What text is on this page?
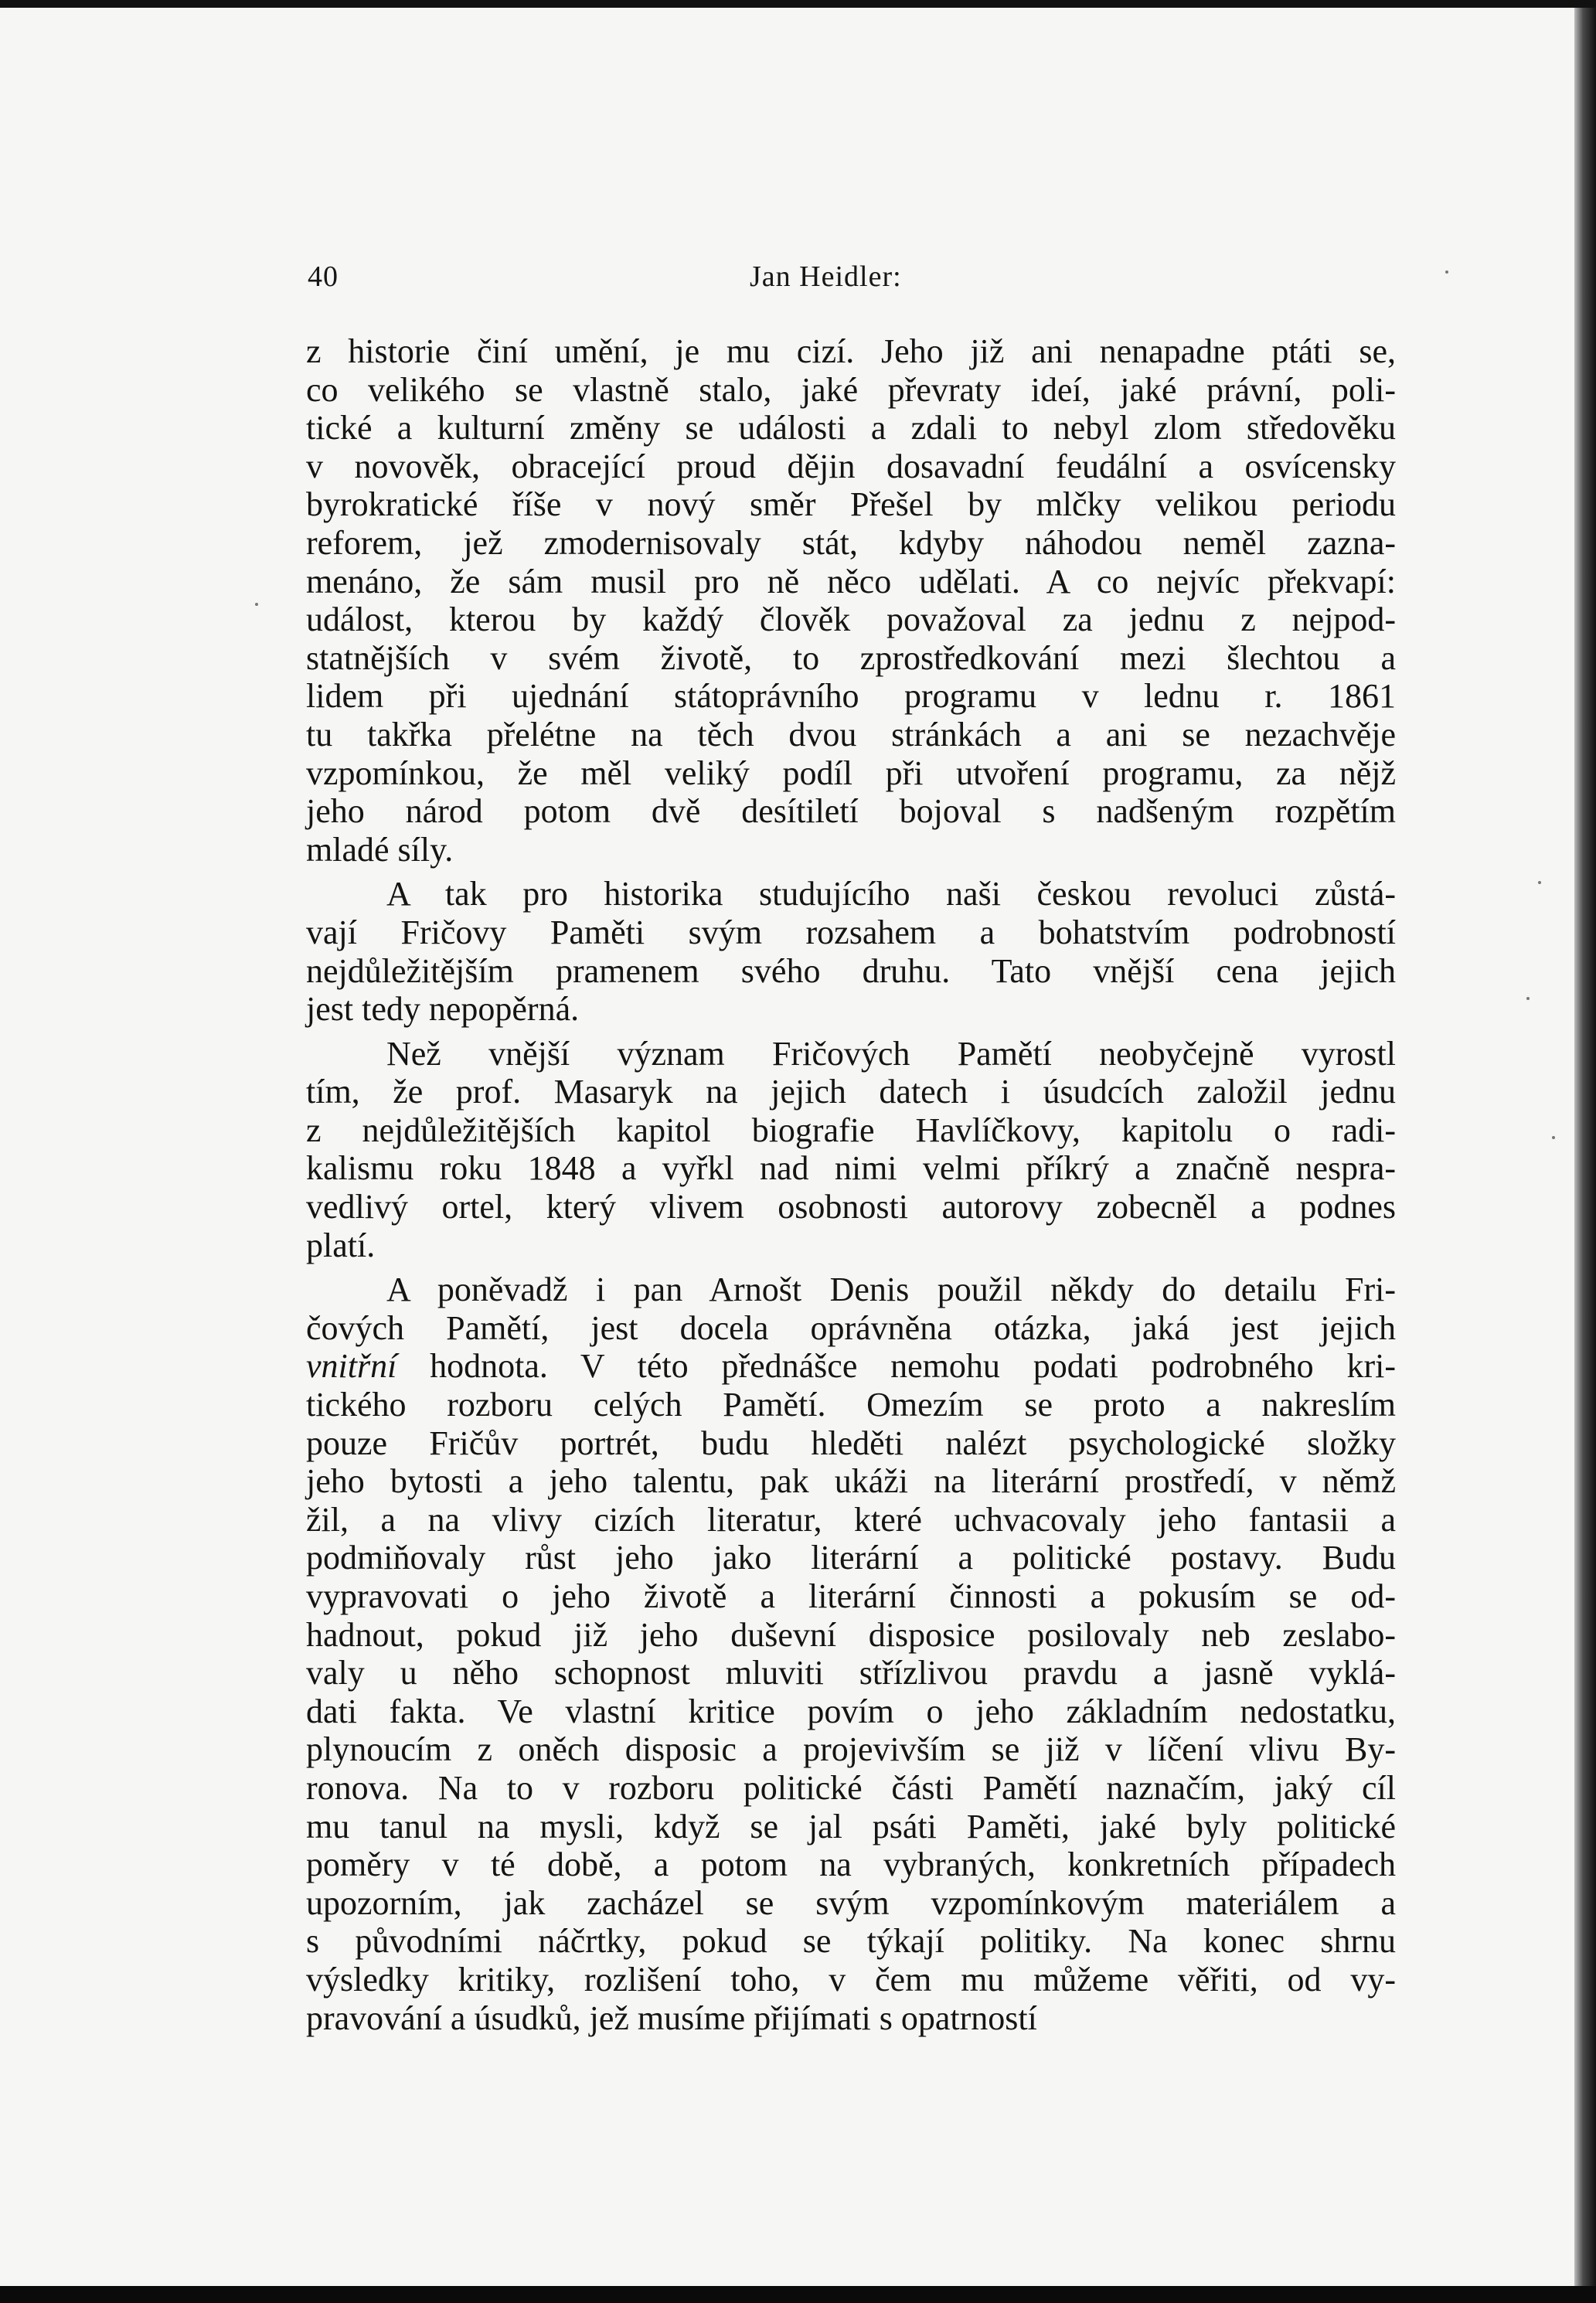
40	Jan Heidler:
z historie činí umění, je mu cizí. Jeho již ani nenapadne ptáti se,
co velikého se vlastně stalo, jaké převraty ideí, jaké právní, poli-
tické a kulturní změny se události a zdali to nebyl zlom středověku
v novověk, obracející proud dějin dosavadní feudální a osvícensky
byrokratické říše v nový směr Přešel by mlčky velikou periodu
reforem, jež zmodernisovaly stát, kdyby náhodou neměl zazna-
menáno, že sám musil pro ně něco udělati. A co nejvíc překvapí:
událost, kterou by každý člověk považoval za jednu z nejpod-
statnějších v svém životě, to zprostředkování mezi šlechtou a
lidem při ujednání státoprávního programu v lednu r. 1861
tu takřka přelétne na těch dvou stránkách a ani se nezachvěje
vzpomínkou, že měl veliký podíl při utvoření programu, za nějž
jeho národ potom dvě desítiletí bojoval s nadšeným rozpětím
mladé síly.
A tak pro historika studujícího naši českou revoluci zůstá-
vají Fričovy Paměti svým rozsahem a bohatstvím podrobností
nejdůležitějším pramenem svého druhu. Tato vnější cena jejich
jest tedy nepopěrná.
Než vnější význam Fričových Pamětí neobyčejně vyrostl
tím, že prof. Masaryk na jejich datech i úsudcích založil jednu
z nejdůležitějších kapitol biografie Havlíčkovy, kapitolu o radi-
kalismu roku 1848 a vyřkl nad nimi velmi příkrý a značně nespra-
vedlivý ortel, který vlivem osobnosti autorovy zobecněl a podnes
platí.
A poněvadž i pan Arnošt Denis použil někdy do detailu Fri-
čových Pamětí, jest docela oprávněna otázka, jaká jest jejich
vnitřní hodnota. V této přednášce nemohu podati podrobného kri-
tického rozboru celých Pamětí. Omezím se proto a nakreslím
pouze Fričův portrét, budu hleděti nalézt psychologické složky
jeho bytosti a jeho talentu, pak ukáži na literární prostředí, v němž
žil, a na vlivy cizích literatur, které uchvacovaly jeho fantasii a
podmiňovaly růst jeho jako literární a politické postavy. Budu
vypravovati o jeho životě a literární činnosti a pokusím se od-
hadnout, pokud již jeho duševní disposice posilovaly neb zeslabo-
valy u něho schopnost mluviti střízlivou pravdu a jasně vyklá-
dati fakta. Ve vlastní kritice povím o jeho základním nedostatku,
plynoucím z oněch disposic a projevivším se již v líčení vlivu By-
ronova. Na to v rozboru politické části Pamětí naznačím, jaký cíl
mu tanul na mysli, když se jal psáti Paměti, jaké byly politické
poměry v té době, a potom na vybraných, konkretních případech
upozorním, jak zacházel se svým vzpomínkovým materiálem a
s původními náčrtky, pokud se týkají politiky. Na konec shrnu
výsledky kritiky, rozlišení toho, v čem mu můžeme věřiti, od vy-
pravování a úsudků, jež musíme přijímati s opatrností
